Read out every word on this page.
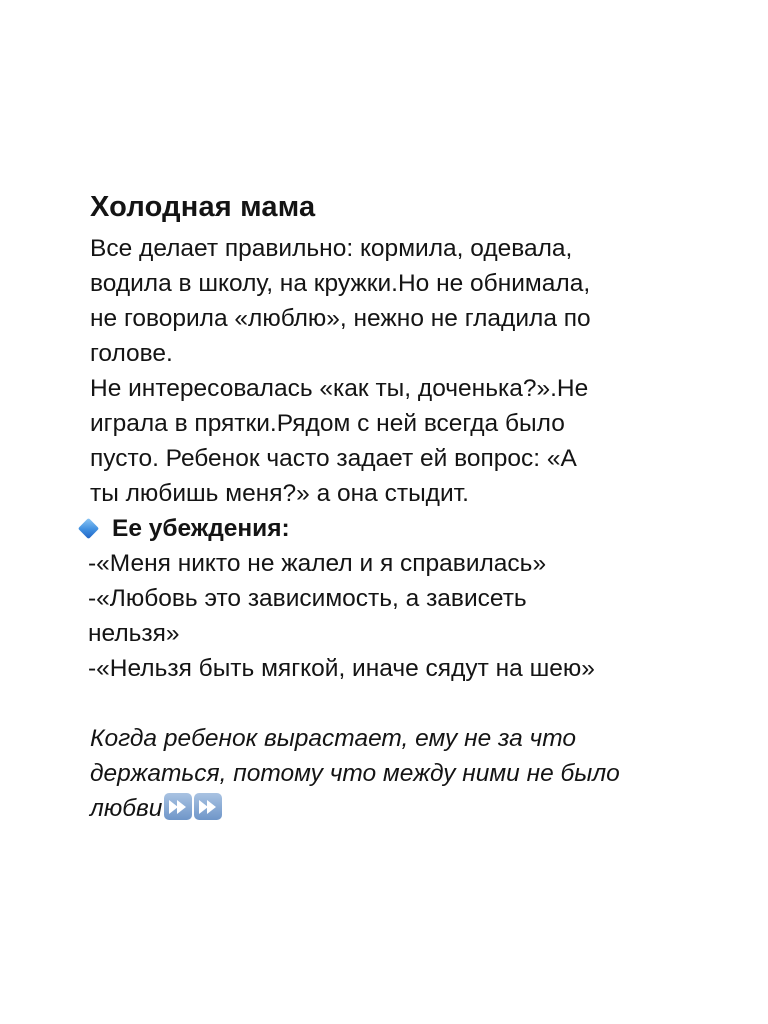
Холодная мама
Все делает правильно: кормила, одевала,
водила в школу, на кружки.Но не обнимала,
не говорила «люблю», нежно не гладила по
голове.
Не интересовалась «как ты, доченька?».Не
играла в прятки.Рядом с ней всегда было
пусто. Ребенок часто задает ей вопрос: «А
ты любишь меня?» а она стыдит.
Ее убеждения:
-«Меня никто не жалел и я справилась»
-«Любовь это зависимость, а зависеть
нельзя»
-«Нельзя быть мягкой, иначе сядут на шею»
Когда ребенок вырастает, ему не за что
держаться, потому что между ними не было
любви
